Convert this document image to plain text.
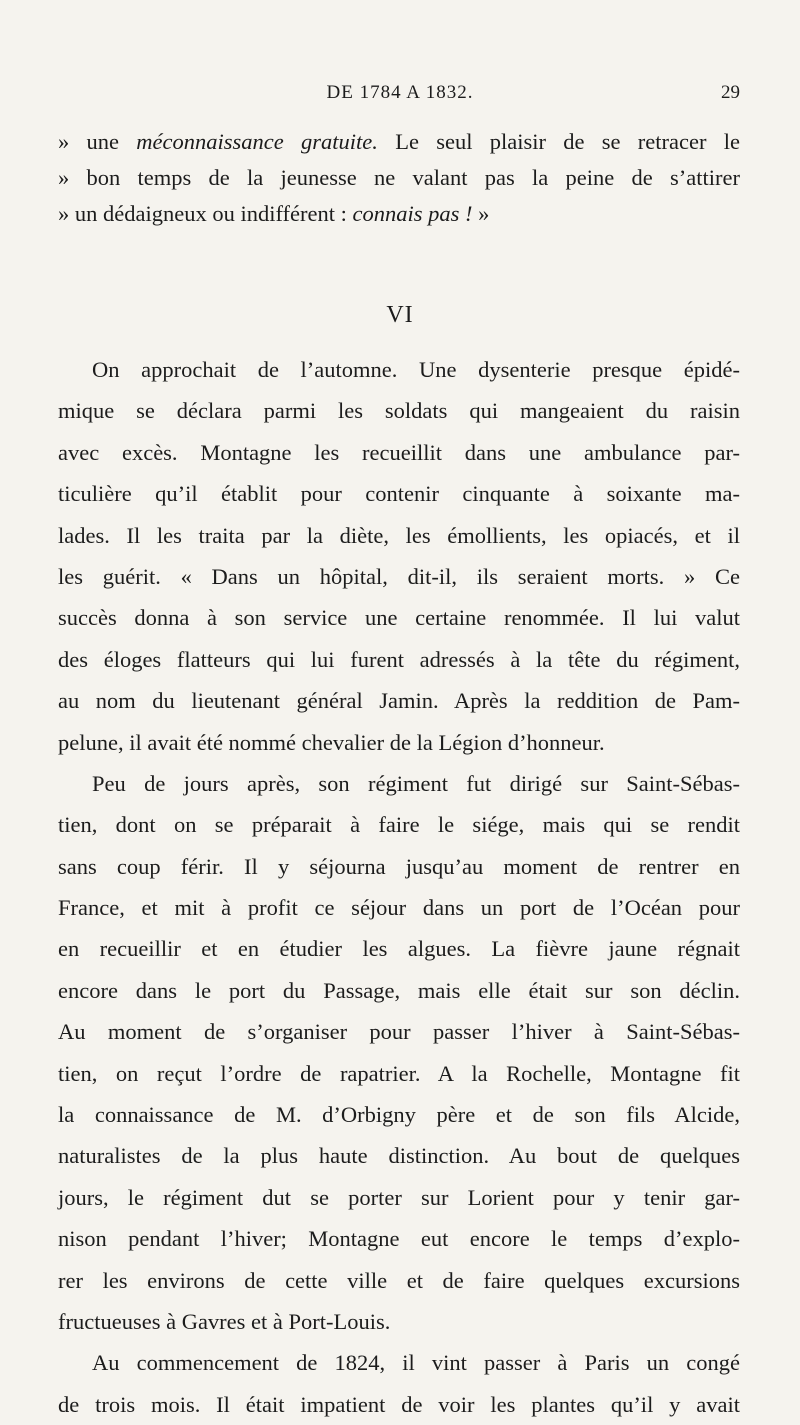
DE 1784 A 1832.	29
» une méconnaissance gratuite. Le seul plaisir de se retracer le
» bon temps de la jeunesse ne valant pas la peine de s’attirer
» un dédaigneux ou indifférent : connais pas ! »
VI
On approchait de l’automne. Une dysenterie presque épidé-
mique se déclara parmi les soldats qui mangeaient du raisin
avec excès. Montagne les recueillit dans une ambulance par-
ticulière qu’il établit pour contenir cinquante à soixante ma-
lades. Il les traita par la diète, les émollients, les opiacés, et il
les guérit. « Dans un hôpital, dit-il, ils seraient morts. » Ce
succès donna à son service une certaine renommée. Il lui valut
des éloges flatteurs qui lui furent adressés à la tête du régiment,
au nom du lieutenant général Jamin. Après la reddition de Pam-
pelune, il avait été nommé chevalier de la Légion d’honneur.
Peu de jours après, son régiment fut dirigé sur Saint-Sébas-
tien, dont on se préparait à faire le siége, mais qui se rendit
sans coup férir. Il y séjourna jusqu’au moment de rentrer en
France, et mit à profit ce séjour dans un port de l’Océan pour
en recueillir et en étudier les algues. La fièvre jaune régnait
encore dans le port du Passage, mais elle était sur son déclin.
Au moment de s’organiser pour passer l’hiver à Saint-Sébas-
tien, on reçut l’ordre de rapatrier. A la Rochelle, Montagne fit
la connaissance de M. d’Orbigny père et de son fils Alcide,
naturalistes de la plus haute distinction. Au bout de quelques
jours, le régiment dut se porter sur Lorient pour y tenir gar-
nison pendant l’hiver; Montagne eut encore le temps d’explo-
rer les environs de cette ville et de faire quelques excursions
fructueuses à Gavres et à Port-Louis.
Au commencement de 1824, il vint passer à Paris un congé
de trois mois. Il était impatient de voir les plantes qu’il y avait
